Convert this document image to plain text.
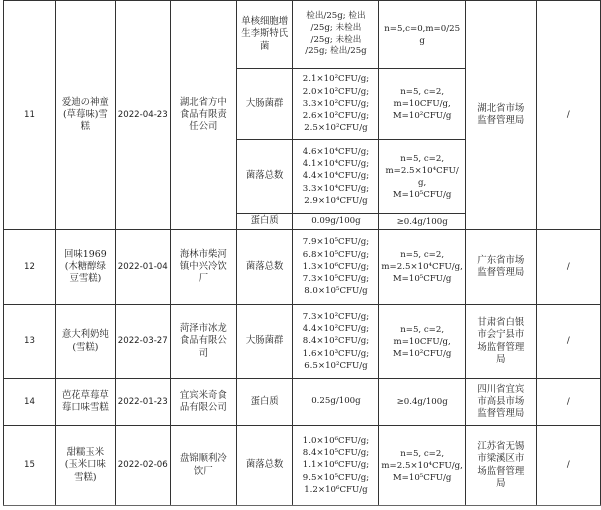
11	爱迪の神童
(草莓味)雪
糕	2022-04-23	湖北省方中
食品有限责
任公司	单核细胞增
生李斯特氏
菌	检出/25g; 检出
/25g; 未检出
/25g; 未检出
/25g; 检出/25g	n=5,c=0,m=0/25
g	湖北省市场
监督管理局	/
				大肠菌群	2.1×10²CFU/g;
2.0×10²CFU/g;
3.3×10²CFU/g;
2.6×10²CFU/g;
2.5×10²CFU/g	n=5, c=2,
m=10CFU/g,
M=10²CFU/g		

				菌落总数	4.6×10⁴CFU/g;
4.1×10⁴CFU/g;
4.4×10⁴CFU/g;
3.3×10⁴CFU/g;
2.9×10⁴CFU/g	n=5, c=2,
m=2.5×10⁴CFU/
g,
M=10⁵CFU/g		

				蛋白质	0.09g/100g	≥0.4g/100g		
12	回味1969
(木糖醇绿
豆雪糕)	2022-01-04	海林市柴河
镇中兴冷饮
厂	菌落总数	7.9×10⁵CFU/g;
6.8×10⁵CFU/g;
1.3×10⁶CFU/g;
7.3×10⁵CFU/g;
8.0×10⁵CFU/g	n=5, c=2,
m=2.5×10⁴CFU/g,
M=10⁵CFU/g	广东省市场
监督管理局	/
13	意大利奶纯
(雪糕)	2022-03-27	菏泽市冰龙
食品有限公
司	大肠菌群	7.3×10²CFU/g;
4.4×10²CFU/g;
8.4×10²CFU/g;
1.6×10³CFU/g;
6.5×10²CFU/g	n=5, c=2,
m=10CFU/g,
M=10²CFU/g	甘肃省白银
市会宁县市
场监督管理
局	/
14	芭花草莓草
莓口味雪糕	2022-01-23	宜宾米奇食
品有限公司	蛋白质	0.25g/100g	≥0.4g/100g	四川省宜宾
市高县市场
监督管理局	/
15	甜糯玉米
(玉米口味
雪糕)	2022-02-06	盘锦顺利冷
饮厂	菌落总数	1.0×10⁶CFU/g;
8.4×10⁵CFU/g;
1.1×10⁶CFU/g;
9.5×10⁵CFU/g;
1.2×10⁶CFU/g	n=5, c=2,
m=2.5×10⁴CFU/g,
M=10⁵CFU/g	江苏省无锡
市梁溪区市
场监督管理
局	/
